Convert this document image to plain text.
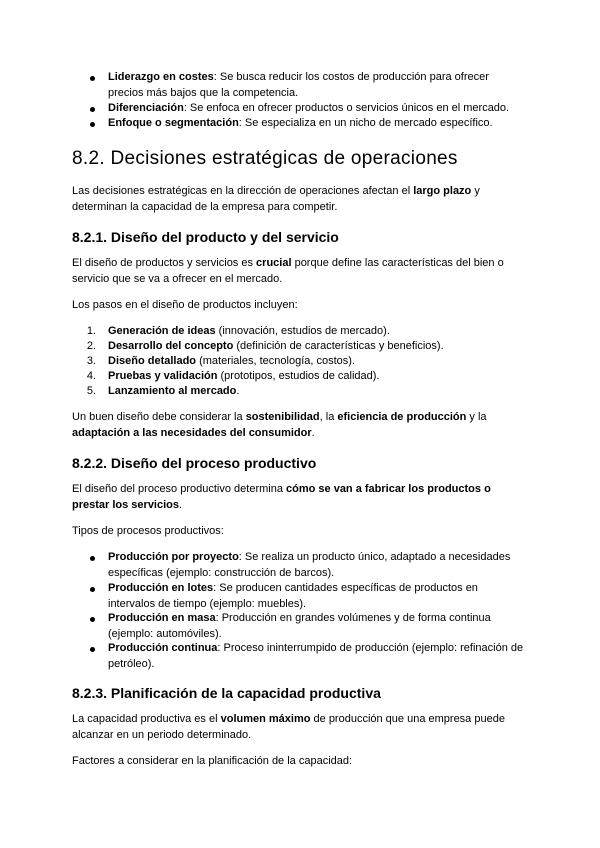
Liderazgo en costes: Se busca reducir los costos de producción para ofrecer
precios más bajos que la competencia.
Diferenciación: Se enfoca en ofrecer productos o servicios únicos en el mercado.
Enfoque o segmentación: Se especializa en un nicho de mercado específico.
8.2. Decisiones estratégicas de operaciones
Las decisiones estratégicas en la dirección de operaciones afectan el largo plazo y
determinan la capacidad de la empresa para competir.
8.2.1. Diseño del producto y del servicio
El diseño de productos y servicios es crucial porque define las características del bien o
servicio que se va a ofrecer en el mercado.
Los pasos en el diseño de productos incluyen:
1. Generación de ideas (innovación, estudios de mercado).
2. Desarrollo del concepto (definición de características y beneficios).
3. Diseño detallado (materiales, tecnología, costos).
4. Pruebas y validación (prototipos, estudios de calidad).
5. Lanzamiento al mercado.
Un buen diseño debe considerar la sostenibilidad, la eficiencia de producción y la
adaptación a las necesidades del consumidor.
8.2.2. Diseño del proceso productivo
El diseño del proceso productivo determina cómo se van a fabricar los productos o
prestar los servicios.
Tipos de procesos productivos:
Producción por proyecto: Se realiza un producto único, adaptado a necesidades
específicas (ejemplo: construcción de barcos).
Producción en lotes: Se producen cantidades específicas de productos en
intervalos de tiempo (ejemplo: muebles).
Producción en masa: Producción en grandes volúmenes y de forma continua
(ejemplo: automóviles).
Producción continua: Proceso ininterrumpido de producción (ejemplo: refinación de
petróleo).
8.2.3. Planificación de la capacidad productiva
La capacidad productiva es el volumen máximo de producción que una empresa puede
alcanzar en un periodo determinado.
Factores a considerar en la planificación de la capacidad:
